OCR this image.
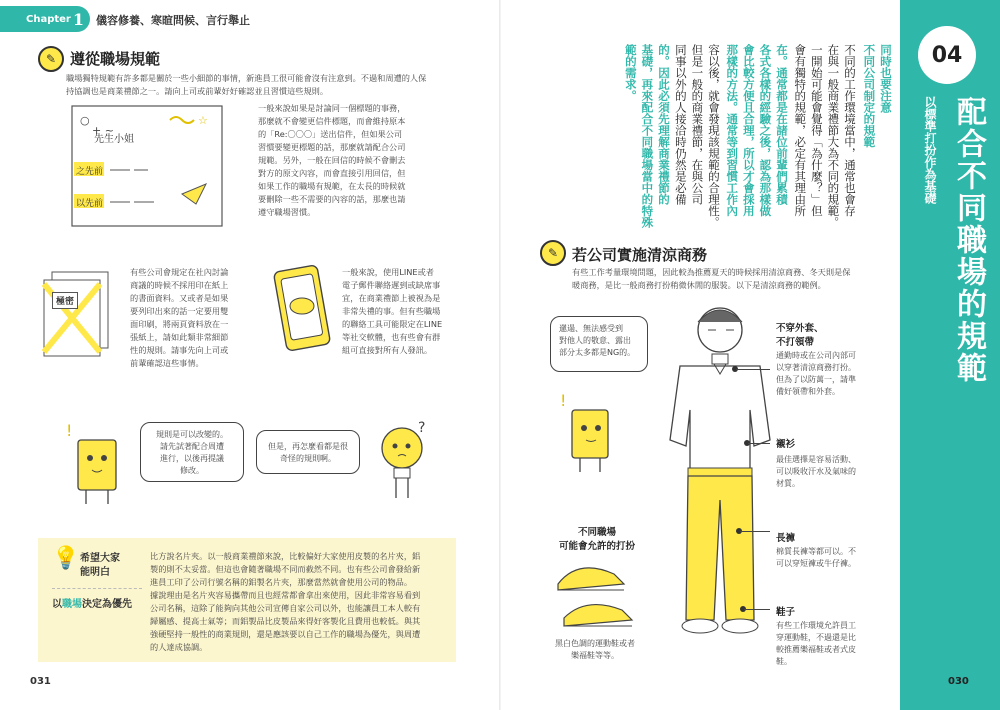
Chapter 1 儀容修養、寒暄問候、言行舉止
✎ 遵從職場規範
職場獨特規範有許多都是關於一些小細節的事情，新進員工很可能會沒有注意到。不過和周遭的人保
持協調也是商業禮節之一。請向上司或前輩好好確認並且習慣這些規則。
○
+ ~
☆
先生小姐
之先前
以先前
一般來說如果是討論同一個標題的事務，
那麼就不會變更信件標題，而會維持原本
的「Re:〇〇〇」送出信件，但如果公司
習慣要變更標題的話，那麼就請配合公司
規範。另外，一般在回信的時候不會刪去
對方的原文內容，而會直接引用回信，但
如果工作的職場有規範，在太長的時候就
要刪除一些不需要的內容的話，那麼也請
遵守職場習慣。
極密
有些公司會規定在社內討論
商議的時候不採用印在紙上
的書面資料。又或者是如果
要列印出來的話一定要用雙
面印刷，將兩頁資料放在一
張紙上，請如此類非常細節
性的規則。請事先向上司或
前輩確認這些事情。
一般來說，使用LINE或者
電子郵件聯絡遲到或缺席事
宜，在商業禮節上被視為是
非常失禮的事。但有些職場
的聯絡工具可能限定在LINE
等社交軟體，也有些會有群
組可直接對所有人發訊。
!	規則是可以改變的。
請先試著配合周遭
進行，以後再提議
修改。
但是，再怎麼看都是很
奇怪的規則啊。
?
💡 希望大家
能明白
以職場決定為優先
比方說名片夾。以一般商業禮節來說，比較偏好大家使用皮製的名片夾，鋁
製的則不太妥當。但這也會隨著職場不同而截然不同。也有些公司會發給新
進員工印了公司行號名稱的鋁製名片夾，那麼當然就會使用公司的物品。
據說理由是名片夾容易攜帶而且也經常都會拿出來使用，因此非常容易看到
公司名稱，這除了能夠向其他公司宣傳自家公司以外，也能讓員工本人較有
歸屬感、提高士氣等；而鋁製品比皮製品來得好客製化且費用也較低。與其
強硬堅持一般性的商業規則，還是應該要以自己工作的職場為優先，與周遭
的人達成協調。
031
04
以標準打扮作為基礎 配合不同職場的規範
同時也要注意
不同公司制定的規範
不同的工作環境當中，通常也會存
在與一般商業禮節大為不同的規範。
一開始可能會覺得「為什麼？」但
會有獨特的規範，必定有其理由所
在。通常都是在諸位前輩們累積
各式各樣的經驗之後，認為那樣做
會比較方便且合理，所以才會採用
那樣的方法。通常等到習慣工作內
容以後，就會發現該規範的合理性。
但是一般的商業禮節，在與公司
同事以外的人接洽時仍然是必備
的。因此必須先理解商業禮節的
基礎，再來配合不同職場當中的特殊
範的需求。
✎ 若公司實施清涼商務
有些工作考量環境問題，因此較為推薦夏天的時候採用清涼商務、冬天則是保
暖商務，是比一般商務打扮稍微休閒的服裝。以下是清涼商務的範例。
邋遢、無法感受到
對他人的敬意、露出
部分太多都是NG的。
!
不穿外套、
不打領帶
通勤時或在公司內部可
以穿著清涼商務打扮。
但為了以防萬一，請準
備好領帶和外套。
襯衫
最佳選擇是容易活動、
可以吸收汗水及氣味的
材質。
長褲
棉質長褲等都可以。不
可以穿短褲或牛仔褲。
鞋子
有些工作環境允許員工
穿運動鞋，不過還是比
較推薦樂福鞋或者式皮
鞋。
不同職場
可能會允許的打扮
黑白色調的運動鞋或者
樂福鞋等等。
030
